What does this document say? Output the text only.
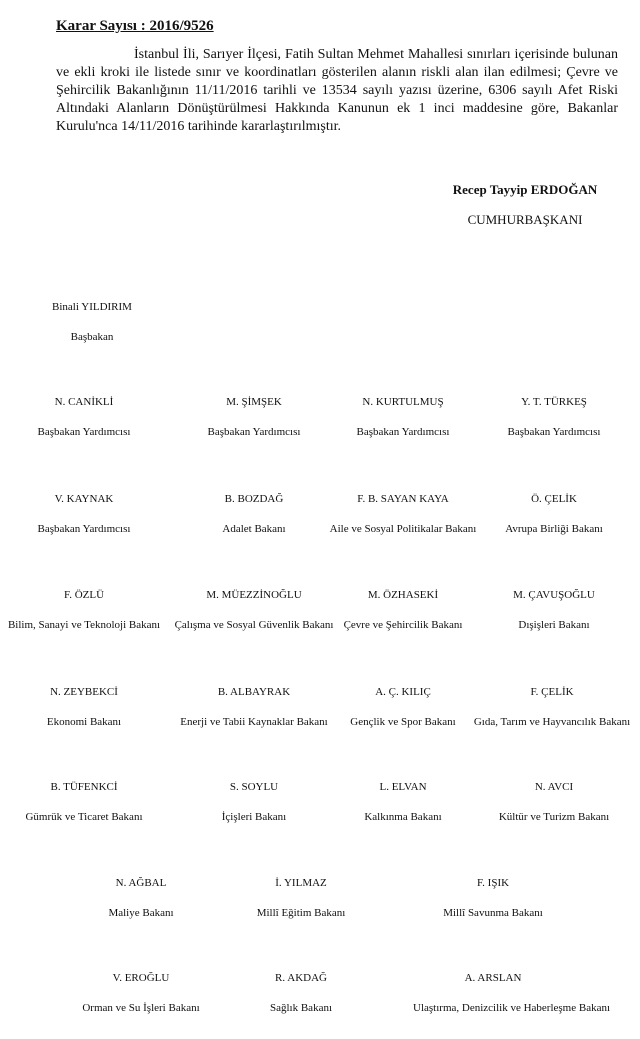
Karar Sayısı : 2016/9526

İstanbul İli, Sarıyer İlçesi, Fatih Sultan Mehmet Mahallesi sınırları içerisinde bulunan ve ekli kroki ile listede sınır ve koordinatları gösterilen alanın riskli alan ilan edilmesi; Çevre ve Şehircilik Bakanlığının 11/11/2016 tarihli ve 13534 sayılı yazısı üzerine, 6306 sayılı Afet Riski Altındaki Alanların Dönüştürülmesi Hakkında Kanunun ek 1 inci maddesine göre, Bakanlar Kurulu'nca 14/11/2016 tarihinde kararlaştırılmıştır.

Recep Tayyip ERDOĞAN
CUMHURBAŞKANI
Binali YILDIRIM
Başbakan
N. CANİKLİ
Başbakan Yardımcısı
M. ŞİMŞEK
Başbakan Yardımcısı
N. KURTULMUŞ
Başbakan Yardımcısı
Y. T. TÜRKEŞ
Başbakan Yardımcısı
V. KAYNAK
Başbakan Yardımcısı
B. BOZDAĞ
Adalet Bakanı
F. B. SAYAN KAYA
Aile ve Sosyal Politikalar Bakanı
Ö. ÇELİK
Avrupa Birliği Bakanı
F. ÖZLÜ
Bilim, Sanayi ve Teknoloji Bakanı
M. MÜEZZİNOĞLU
Çalışma ve Sosyal Güvenlik Bakanı
M. ÖZHASEKİ
Çevre ve Şehircilik Bakanı
M. ÇAVUŞOĞLU
Dışişleri Bakanı
N. ZEYBEKCİ
Ekonomi Bakanı
B. ALBAYRAK
Enerji ve Tabii Kaynaklar Bakanı
A. Ç. KILIÇ
Gençlik ve Spor Bakanı
F. ÇELİK
Gıda, Tarım ve Hayvancılık Bakanı
B. TÜFENKCİ
Gümrük ve Ticaret Bakanı
S. SOYLU
İçişleri Bakanı
L. ELVAN
Kalkınma Bakanı
N. AVCI
Kültür ve Turizm Bakanı
N. AĞBAL
Maliye Bakanı
İ. YILMAZ
Millî Eğitim Bakanı
F. IŞIK
Millî Savunma Bakanı
V. EROĞLU
Orman ve Su İşleri Bakanı
R. AKDAĞ
Sağlık Bakanı
A. ARSLAN
Ulaştırma, Denizcilik ve Haberleşme Bakanı
